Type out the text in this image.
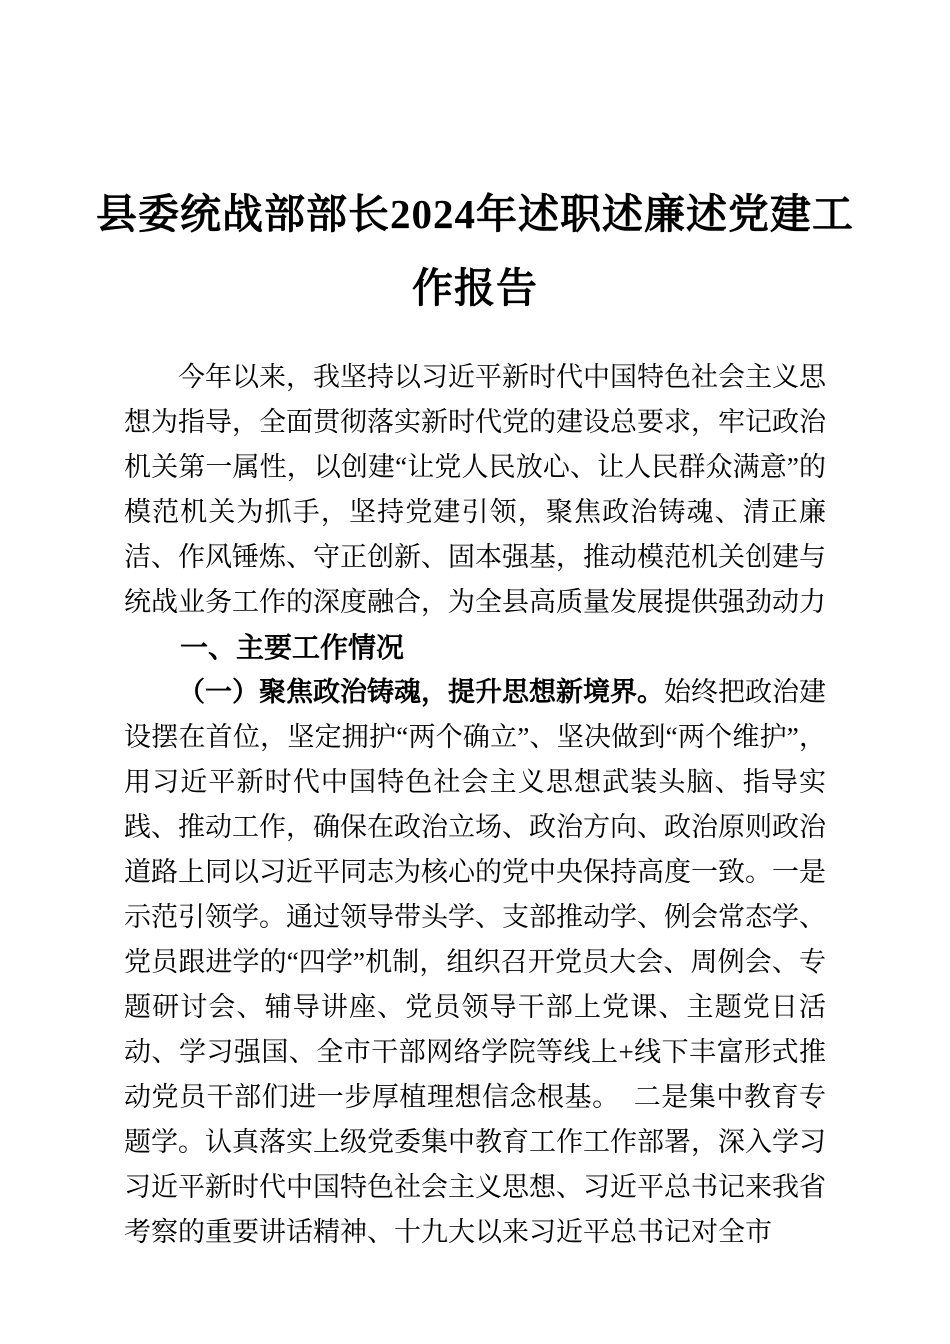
县委统战部部长2024年述职述廉述党建工
作报告

今年以来，我坚持以习近平新时代中国特色社会主义思想为指导，全面贯彻落实新时代党的建设总要求，牢记政治机关第一属性，以创建“让党人民放心、让人民群众满意”的模范机关为抓手，坚持党建引领，聚焦政治铸魂、清正廉洁、作风锤炼、守正创新、固本强基，推动模范机关创建与统战业务工作的深度融合，为全县高质量发展提供强劲动力

一、主要工作情况

（一）聚焦政治铸魂，提升思想新境界。始终把政治建设摆在首位，坚定拥护“两个确立”、坚决做到“两个维护”，用习近平新时代中国特色社会主义思想武装头脑、指导实践、推动工作，确保在政治立场、政治方向、政治原则政治道路上同以习近平同志为核心的党中央保持高度一致。一是示范引领学。通过领导带头学、支部推动学、例会常态学、党员跟进学的“四学”机制，组织召开党员大会、周例会、专题研讨会、辅导讲座、党员领导干部上党课、主题党日活动、学习强国、全市干部网络学院等线上+线下丰富形式推动党员干部们进一步厚植理想信念根基。　二是集中教育专题学。认真落实上级党委集中教育工作工作部署，深入学习习近平新时代中国特色社会主义思想、习近平总书记来我省考察的重要讲话精神、十九大以来习近平总书记对全市
